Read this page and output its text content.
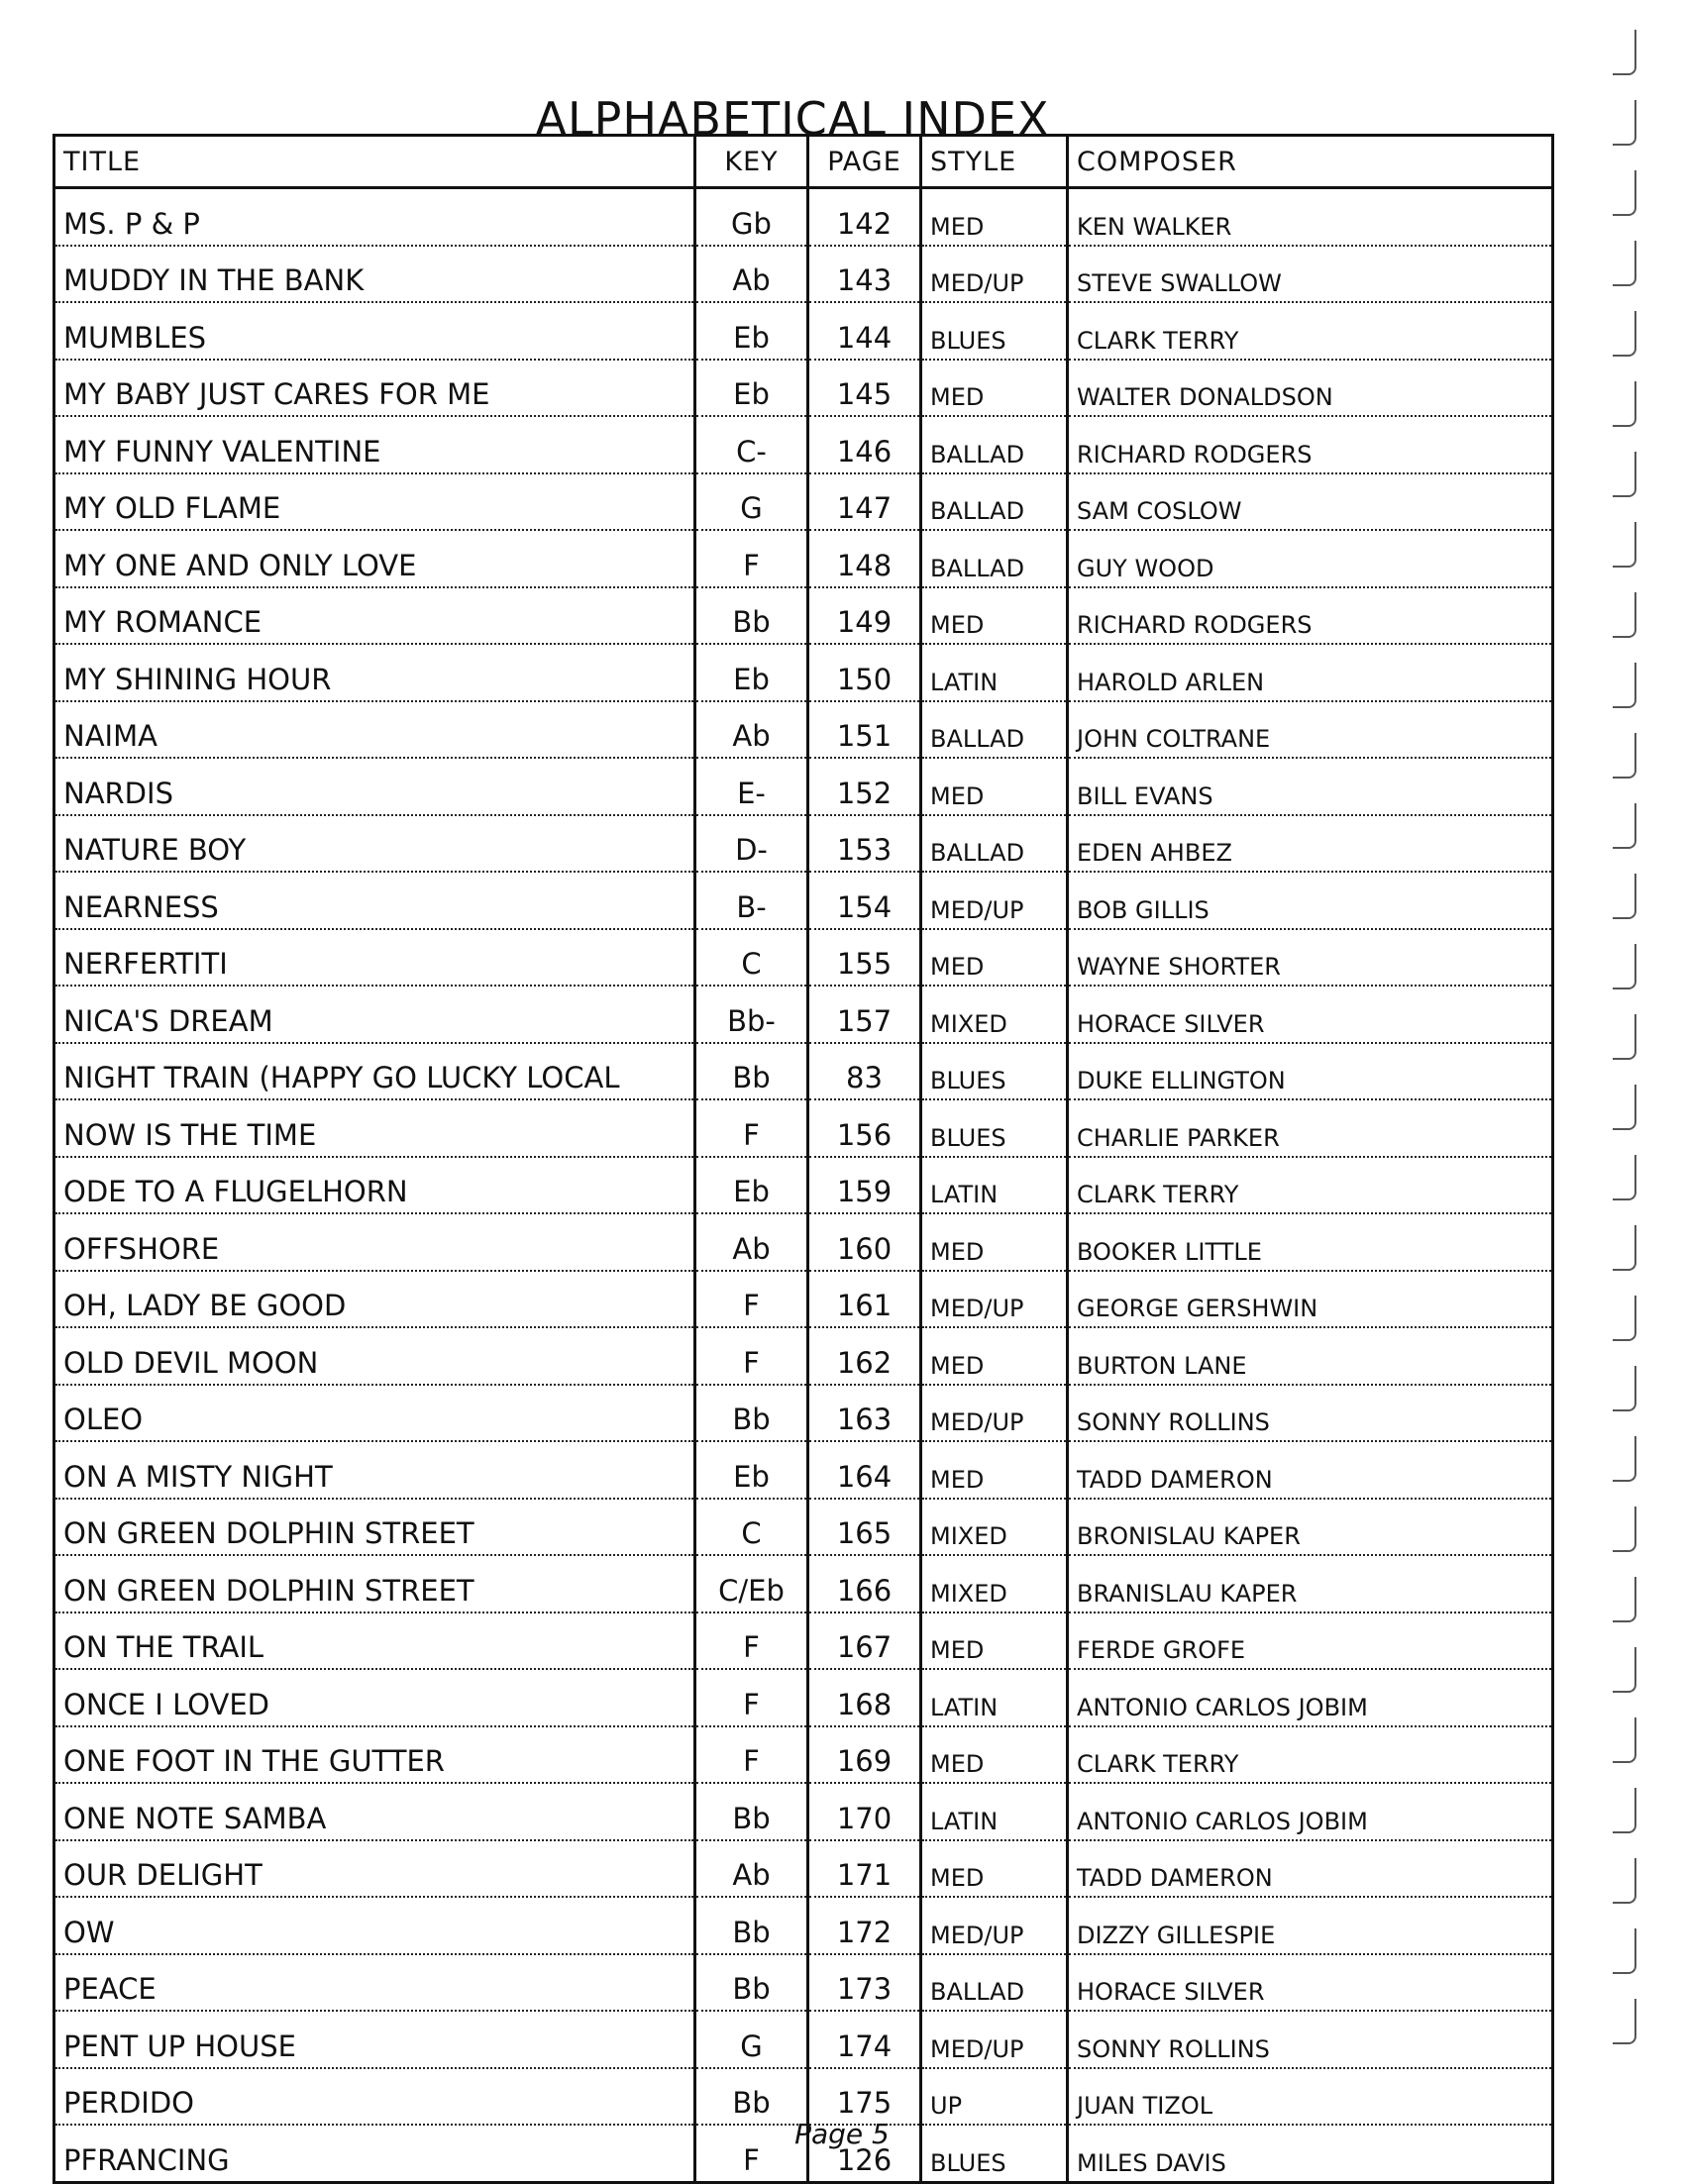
ALPHABETICAL INDEX
TITLE	KEY	PAGE	STYLE	COMPOSER
MS. P & P	Gb	142	MED	KEN WALKER
MUDDY IN THE BANK	Ab	143	MED/UP	STEVE SWALLOW
MUMBLES	Eb	144	BLUES	CLARK TERRY
MY BABY JUST CARES FOR ME	Eb	145	MED	WALTER DONALDSON
MY FUNNY VALENTINE	C-	146	BALLAD	RICHARD RODGERS
MY OLD FLAME	G	147	BALLAD	SAM COSLOW
MY ONE AND ONLY LOVE	F	148	BALLAD	GUY WOOD
MY ROMANCE	Bb	149	MED	RICHARD RODGERS
MY SHINING HOUR	Eb	150	LATIN	HAROLD ARLEN
NAIMA	Ab	151	BALLAD	JOHN COLTRANE
NARDIS	E-	152	MED	BILL EVANS
NATURE BOY	D-	153	BALLAD	EDEN AHBEZ
NEARNESS	B-	154	MED/UP	BOB GILLIS
NERFERTITI	C	155	MED	WAYNE SHORTER
NICA'S DREAM	Bb-	157	MIXED	HORACE SILVER
NIGHT TRAIN (HAPPY GO LUCKY LOCAL	Bb	83	BLUES	DUKE ELLINGTON
NOW IS THE TIME	F	156	BLUES	CHARLIE PARKER
ODE TO A FLUGELHORN	Eb	159	LATIN	CLARK TERRY
OFFSHORE	Ab	160	MED	BOOKER LITTLE
OH, LADY BE GOOD	F	161	MED/UP	GEORGE GERSHWIN
OLD DEVIL MOON	F	162	MED	BURTON LANE
OLEO	Bb	163	MED/UP	SONNY ROLLINS
ON A MISTY NIGHT	Eb	164	MED	TADD DAMERON
ON GREEN DOLPHIN STREET	C	165	MIXED	BRONISLAU KAPER
ON GREEN DOLPHIN STREET	C/Eb	166	MIXED	BRANISLAU KAPER
ON THE TRAIL	F	167	MED	FERDE GROFE
ONCE I LOVED	F	168	LATIN	ANTONIO CARLOS JOBIM
ONE FOOT IN THE GUTTER	F	169	MED	CLARK TERRY
ONE NOTE SAMBA	Bb	170	LATIN	ANTONIO CARLOS JOBIM
OUR DELIGHT	Ab	171	MED	TADD DAMERON
OW	Bb	172	MED/UP	DIZZY GILLESPIE
PEACE	Bb	173	BALLAD	HORACE SILVER
PENT UP HOUSE	G	174	MED/UP	SONNY ROLLINS
PERDIDO	Bb	175	UP	JUAN TIZOL
PFRANCING	F	126	BLUES	MILES DAVIS
Page 5
